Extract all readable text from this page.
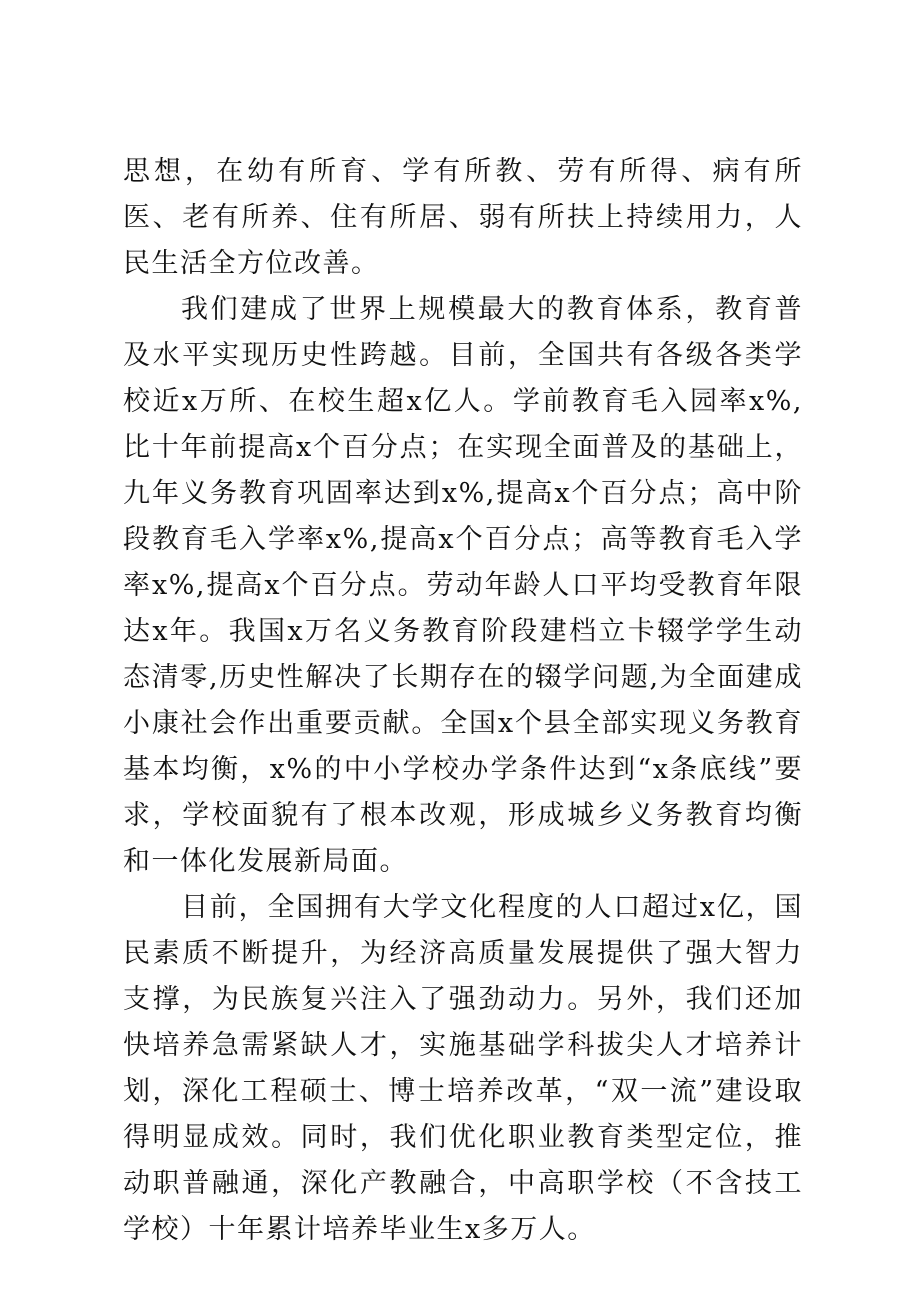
思想，在幼有所育、学有所教、劳有所得、病有所医、老有所养、住有所居、弱有所扶上持续用力，人民生活全方位改善。

我们建成了世界上规模最大的教育体系，教育普及水平实现历史性跨越。目前，全国共有各级各类学校近x万所、在校生超x亿人。学前教育毛入园率x%,比十年前提高x个百分点；在实现全面普及的基础上，九年义务教育巩固率达到x%,提高x个百分点；高中阶段教育毛入学率x%,提高x个百分点；高等教育毛入学率x%,提高x个百分点。劳动年龄人口平均受教育年限达x年。我国x万名义务教育阶段建档立卡辍学学生动态清零,历史性解决了长期存在的辍学问题,为全面建成小康社会作出重要贡献。全国x个县全部实现义务教育基本均衡，x%的中小学校办学条件达到“x条底线”要求，学校面貌有了根本改观，形成城乡义务教育均衡和一体化发展新局面。

目前，全国拥有大学文化程度的人口超过x亿，国民素质不断提升，为经济高质量发展提供了强大智力支撑，为民族复兴注入了强劲动力。另外，我们还加快培养急需紧缺人才，实施基础学科拔尖人才培养计划，深化工程硕士、博士培养改革，“双一流”建设取得明显成效。同时，我们优化职业教育类型定位，推动职普融通，深化产教融合，中高职学校（不含技工学校）十年累计培养毕业生x多万人。
